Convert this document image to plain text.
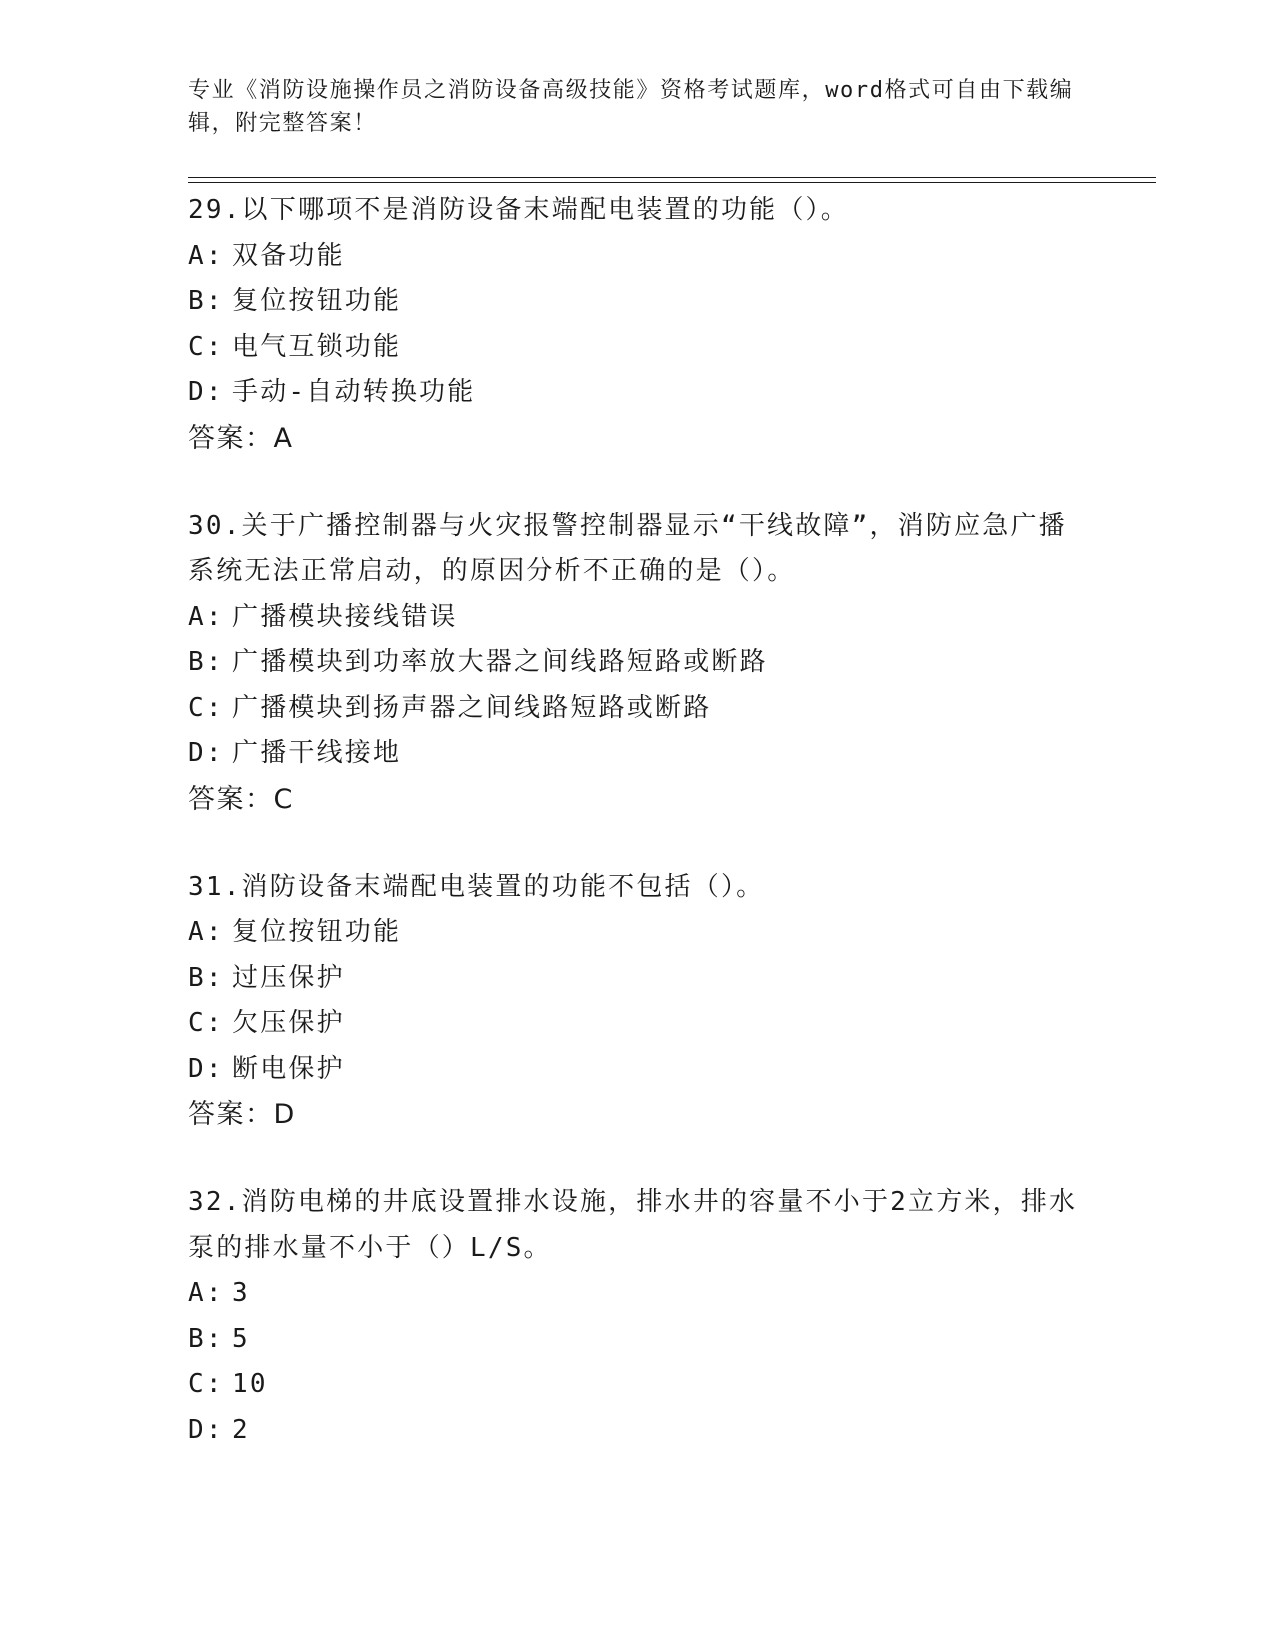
专业《消防设施操作员之消防设备高级技能》资格考试题库，word格式可自由下载编辑，附完整答案！

29.以下哪项不是消防设备末端配电装置的功能（）。

A: 双备功能

B: 复位按钮功能

C: 电气互锁功能

D: 手动-自动转换功能

答案：A

30.关于广播控制器与火灾报警控制器显示“干线故障”，消防应急广播系统无法正常启动，的原因分析不正确的是（）。

A: 广播模块接线错误

B: 广播模块到功率放大器之间线路短路或断路

C: 广播模块到扬声器之间线路短路或断路

D: 广播干线接地

答案：C

31.消防设备末端配电装置的功能不包括（）。

A: 复位按钮功能

B: 过压保护

C: 欠压保护

D: 断电保护

答案：D

32.消防电梯的井底设置排水设施，排水井的容量不小于2立方米，排水泵的排水量不小于（）L/S。

A: 3

B: 5

C: 10

D: 2
